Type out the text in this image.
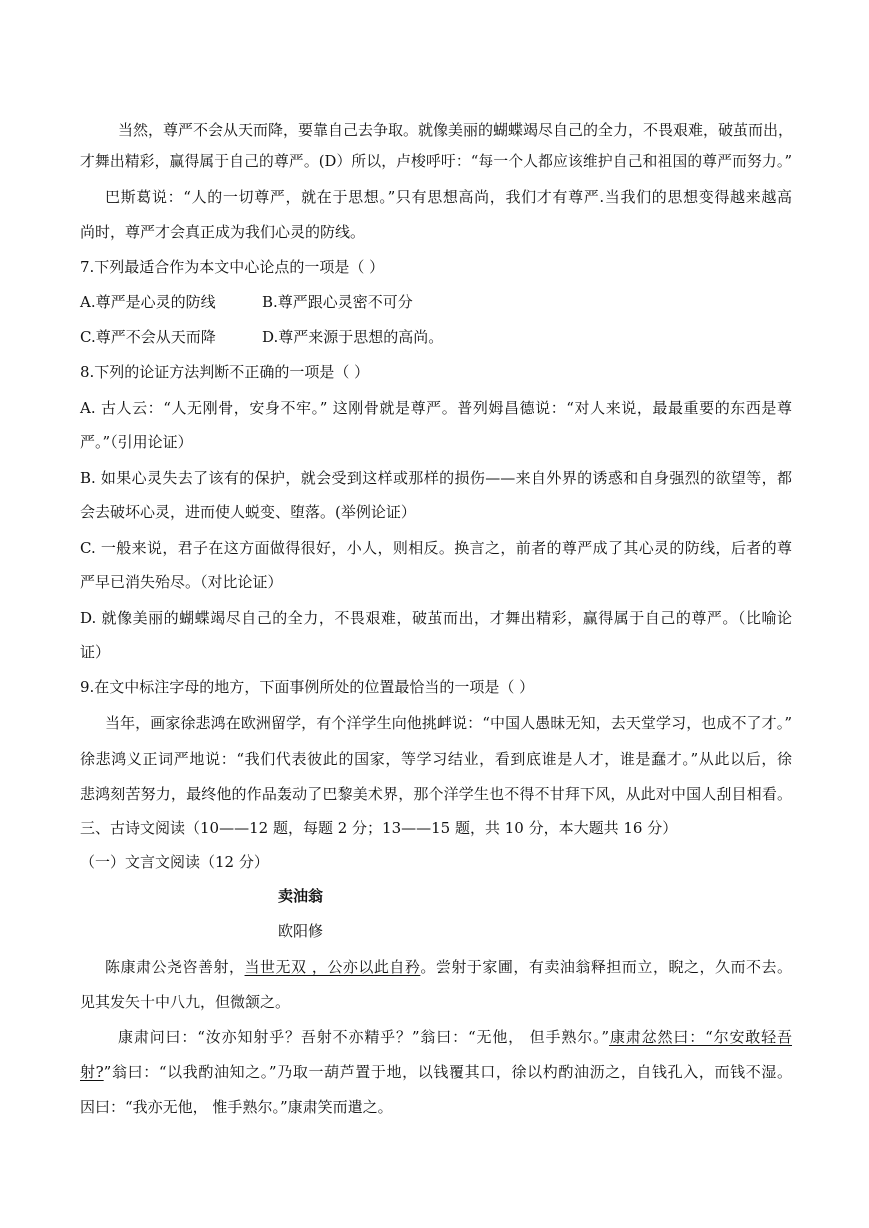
当然，尊严不会从天而降，要靠自己去争取。就像美丽的蝴蝶竭尽自己的全力，不畏艰难，破茧而出，
才舞出精彩，赢得属于自己的尊严。(D）所以，卢梭呼吁：“每一个人都应该维护自己和祖国的尊严而努力。”
巴斯葛说：“人的一切尊严，就在于思想。”只有思想高尚，我们才有尊严.当我们的思想变得越来越高
尚时，尊严才会真正成为我们心灵的防线。
7.下列最适合作为本文中心论点的一项是（ ）
A.尊严是心灵的防线	B.尊严跟心灵密不可分
C.尊严不会从天而降	D.尊严来源于思想的高尚。
8.下列的论证方法判断不正确的一项是（ ）
A. 古人云：“人无刚骨，安身不牢。” 这刚骨就是尊严。普列姆昌德说：“对人来说，最最重要的东西是尊
严。”（引用论证）
B. 如果心灵失去了该有的保护，就会受到这样或那样的损伤——来自外界的诱惑和自身强烈的欲望等，都
会去破坏心灵，进而使人蜕变、堕落。(举例论证）
C. 一般来说，君子在这方面做得很好，小人，则相反。换言之，前者的尊严成了其心灵的防线，后者的尊
严早已消失殆尽。（对比论证）
D. 就像美丽的蝴蝶竭尽自己的全力，不畏艰难，破茧而出，才舞出精彩，赢得属于自己的尊严。（比喻论
证）
9.在文中标注字母的地方，下面事例所处的位置最恰当的一项是（ ）
当年，画家徐悲鸿在欧洲留学，有个洋学生向他挑衅说：“中国人愚昧无知，去天堂学习，也成不了才。”
徐悲鸿义正词严地说：“我们代表彼此的国家，等学习结业，看到底谁是人才，谁是蠢才。”从此以后，徐
悲鸿刻苦努力，最终他的作品轰动了巴黎美术界，那个洋学生也不得不甘拜下风，从此对中国人刮目相看。
三、古诗文阅读（10——12 题，每题 2 分；13——15 题，共 10 分，本大题共 16 分）
（一）文言文阅读（12 分）
卖油翁
欧阳修
陈康肃公尧咨善射，当世无双 ，公亦以此自矜。尝射于家圃，有卖油翁释担而立，睨之，久而不去。
见其发矢十中八九，但微颔之。
康肃问曰：“汝亦知射乎？吾射不亦精乎？”翁曰：“无他， 但手熟尔。”康肃忿然曰：“尔安敢轻吾
射?”翁曰：“以我酌油知之。”乃取一葫芦置于地，以钱覆其口，徐以杓酌油沥之，自钱孔入，而钱不湿。
因曰：“我亦无他， 惟手熟尔。”康肃笑而遣之。
